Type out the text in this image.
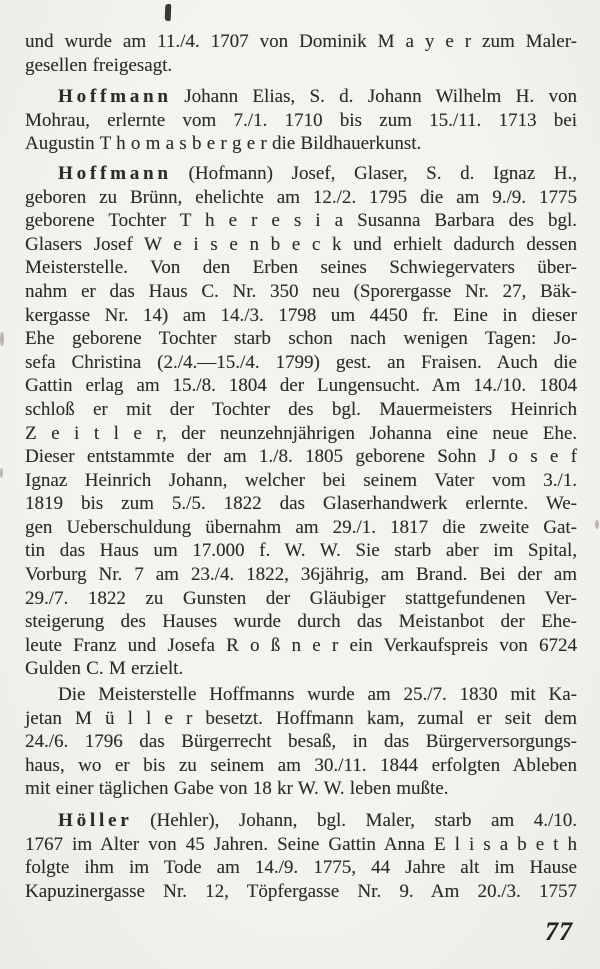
und wurde am 11./4. 1707 von Dominik M a y e r zum Maler-
gesellen freigesagt.
Hoffmann Johann Elias, S. d. Johann Wilhelm H. von
Mohrau, erlernte vom 7./1. 1710 bis zum 15./11. 1713 bei
Augustin T h o m a s b e r g e r die Bildhauerkunst.
Hoffmann (Hofmann) Josef, Glaser, S. d. Ignaz H.,
geboren zu Brünn, ehelichte am 12./2. 1795 die am 9./9. 1775
geborene Tochter T h e r e s i a Susanna Barbara des bgl.
Glasers Josef W e i s e n b e c k und erhielt dadurch dessen
Meisterstelle. Von den Erben seines Schwiegervaters über-
nahm er das Haus C. Nr. 350 neu (Sporergasse Nr. 27, Bäk-
kergasse Nr. 14) am 14./3. 1798 um 4450 fr. Eine in dieser
Ehe geborene Tochter starb schon nach wenigen Tagen: Jo-
sefa Christina (2./4.—15./4. 1799) gest. an Fraisen. Auch die
Gattin erlag am 15./8. 1804 der Lungensucht. Am 14./10. 1804
schloß er mit der Tochter des bgl. Mauermeisters Heinrich
Z e i t l e r, der neunzehnjährigen Johanna eine neue Ehe.
Dieser entstammte der am 1./8. 1805 geborene Sohn J o s e f
Ignaz Heinrich Johann, welcher bei seinem Vater vom 3./1.
1819 bis zum 5./5. 1822 das Glaserhandwerk erlernte. We-
gen Ueberschuldung übernahm am 29./1. 1817 die zweite Gat-
tin das Haus um 17.000 f. W. W. Sie starb aber im Spital,
Vorburg Nr. 7 am 23./4. 1822, 36jährig, am Brand. Bei der am
29./7. 1822 zu Gunsten der Gläubiger stattgefundenen Ver-
steigerung des Hauses wurde durch das Meistanbot der Ehe-
leute Franz und Josefa R o ß n e r ein Verkaufspreis von 6724
Gulden C. M erzielt.
Die Meisterstelle Hoffmanns wurde am 25./7. 1830 mit Ka-
jetan M ü l l e r besetzt. Hoffmann kam, zumal er seit dem
24./6. 1796 das Bürgerrecht besaß, in das Bürgerversorgungs-
haus, wo er bis zu seinem am 30./11. 1844 erfolgten Ableben
mit einer täglichen Gabe von 18 kr W. W. leben mußte.
Höller (Hehler), Johann, bgl. Maler, starb am 4./10.
1767 im Alter von 45 Jahren. Seine Gattin Anna E l i s a b e t h
folgte ihm im Tode am 14./9. 1775, 44 Jahre alt im Hause
Kapuzinergasse Nr. 12, Töpfergasse Nr. 9. Am 20./3. 1757
77
